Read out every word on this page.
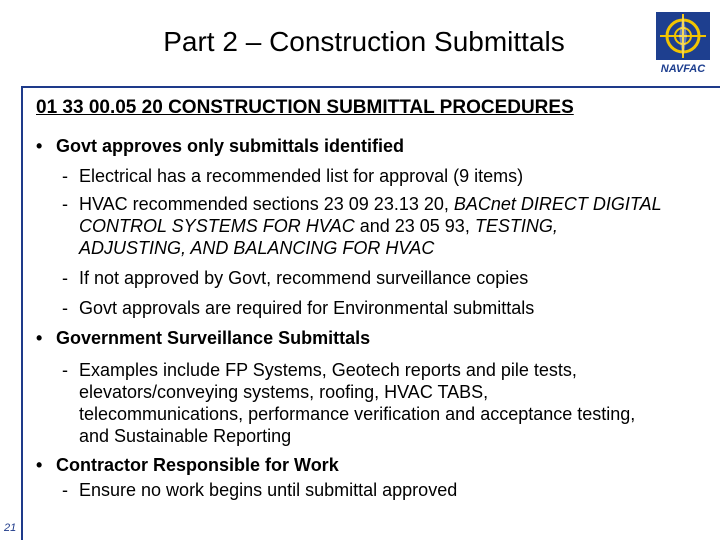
Part 2 – Construction Submittals
NAVFAC
21
01 33 00.05 20 CONSTRUCTION SUBMITTAL PROCEDURES
• Govt approves only submittals identified
- Electrical has a recommended list for approval (9 items)
- HVAC recommended sections 23 09 23.13 20, BACnet DIRECT DIGITAL CONTROL SYSTEMS FOR HVAC and 23 05 93, TESTING, ADJUSTING, AND BALANCING FOR HVAC
- If not approved by Govt, recommend surveillance copies
- Govt approvals are required for Environmental submittals
• Government Surveillance Submittals
- Examples include FP Systems, Geotech reports and pile tests, elevators/conveying systems, roofing, HVAC TABS, telecommunications, performance verification and acceptance testing, and Sustainable Reporting
• Contractor Responsible for Work
- Ensure no work begins until submittal approved
